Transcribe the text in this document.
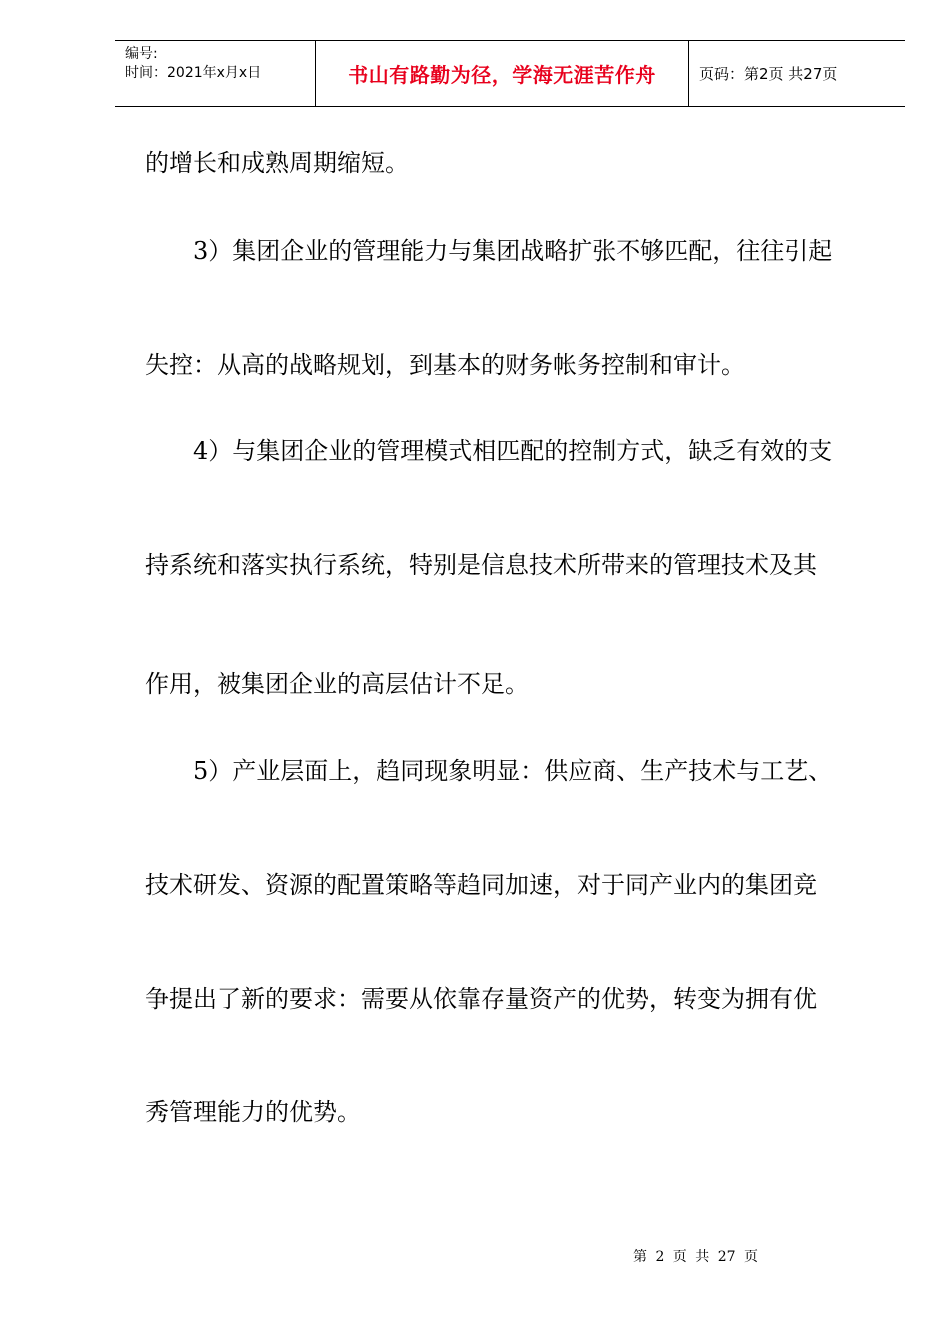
编号:
时间：2021年x月x日	书山有路勤为径，学海无涯苦作舟	页码：第2页 共27页
的增长和成熟周期缩短。
3）集团企业的管理能力与集团战略扩张不够匹配，往往引起
失控：从高的战略规划，到基本的财务帐务控制和审计。
4）与集团企业的管理模式相匹配的控制方式，缺乏有效的支
持系统和落实执行系统，特别是信息技术所带来的管理技术及其
作用，被集团企业的高层估计不足。
5）产业层面上，趋同现象明显：供应商、生产技术与工艺、
技术研发、资源的配置策略等趋同加速，对于同产业内的集团竞
争提出了新的要求：需要从依靠存量资产的优势，转变为拥有优
秀管理能力的优势。
第 2 页 共 27 页
